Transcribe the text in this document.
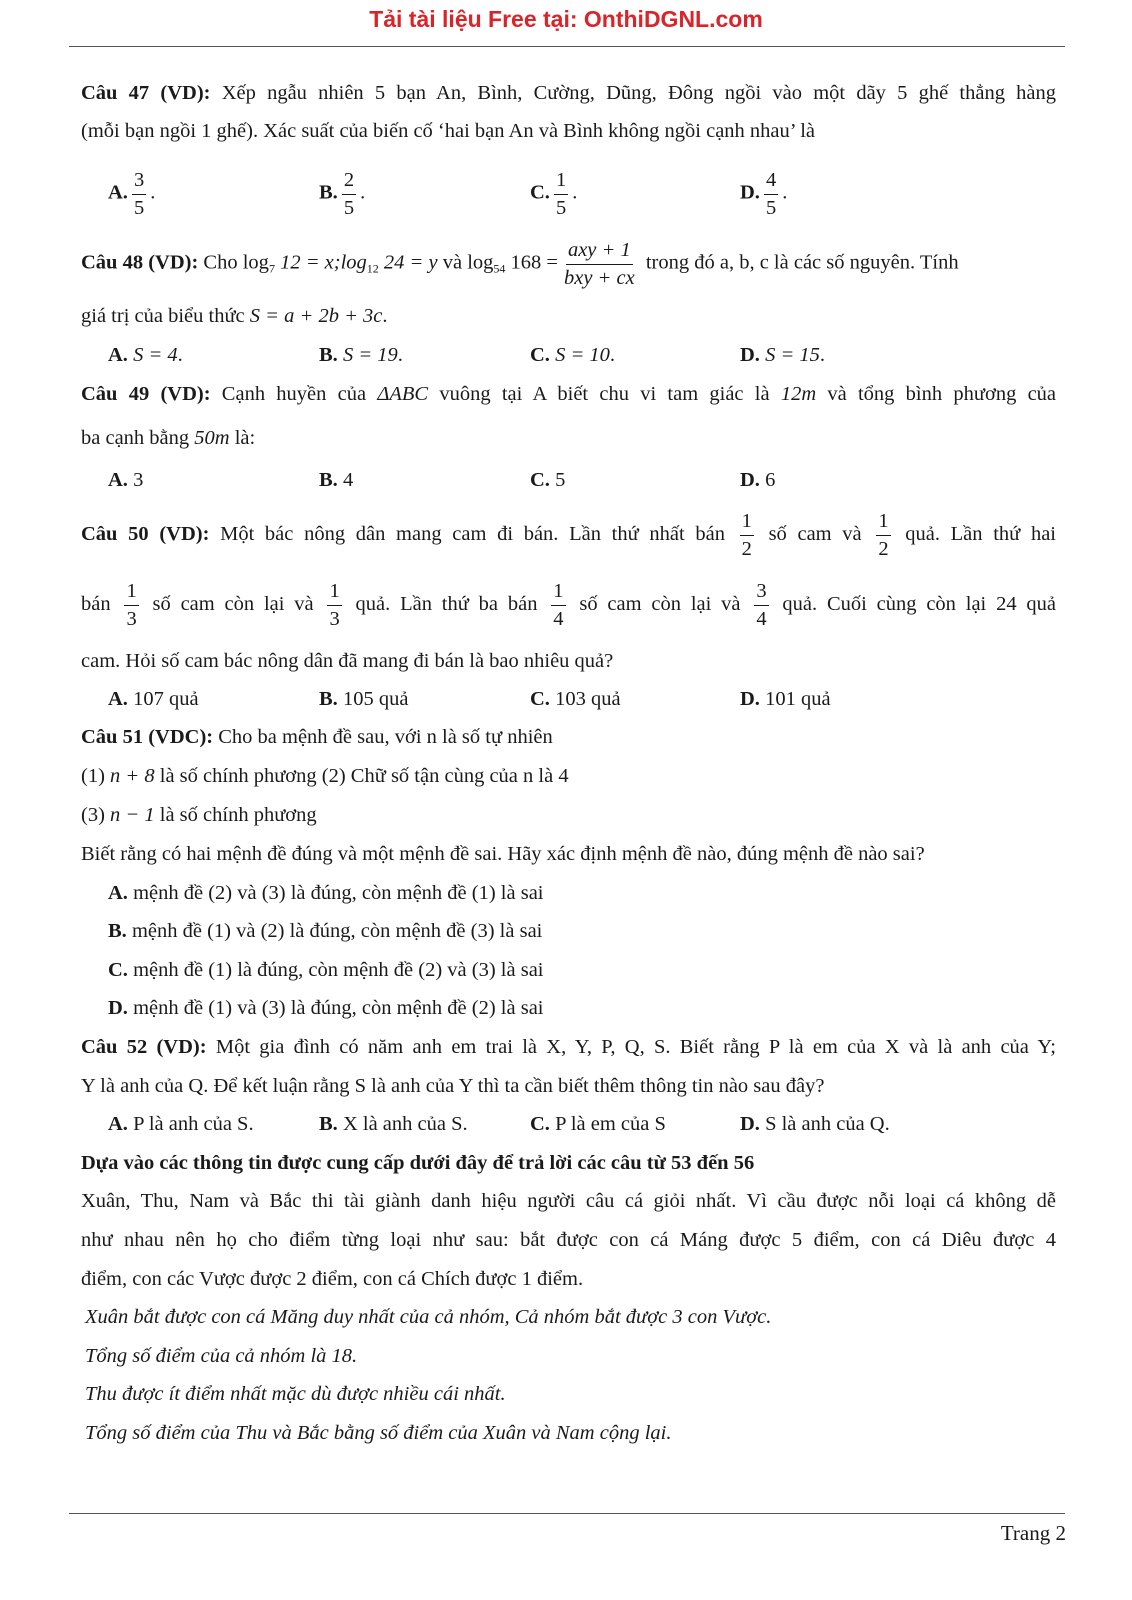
Tải tài liệu Free tại: OnthiDGNL.com
Câu 47 (VD): Xếp ngẫu nhiên 5 bạn An, Bình, Cường, Dũng, Đông ngồi vào một dãy 5 ghế thẳng hàng
(mỗi bạn ngồi 1 ghế). Xác suất của biến cố ‘hai bạn An và Bình không ngồi cạnh nhau’ là
A. $\frac{3}{5}$ .	B. $\frac{2}{5}$ .	C. $\frac{1}{5}$ .	D. $\frac{4}{5}$ .
Câu 48 (VD): Cho $\log_7 12$ = $x;\log_{12}$ 24 = y và $\log_{54} 168 = \frac{\text{axy + 1}}{\text{bxy + cx}}$ trong đó a, b, c là các số nguyên. Tính
giá trị của biểu thức S = a + 2b + 3c.
A. S = 4.	B. S = 19.	C. S = 10.	D. S = 15.
Câu 49 (VD): Cạnh huyền của ΔABC vuông tại A biết chu vi tam giác là 12m và tổng bình phương của
ba cạnh bằng 50m là:
A. 3	B. 4	C. 5	D. 6
Câu 50 (VD): Một bác nông dân mang cam đi bán. Lần thứ nhất bán $\frac{1}{2}$ số cam và $\frac{1}{2}$ quả. Lần thứ hai
bán $\frac{1}{3}$ số cam còn lại và $\frac{1}{3}$ quả. Lần thứ ba bán $\frac{1}{4}$ số cam còn lại và $\frac{3}{4}$ quả. Cuối cùng còn lại 24 quả
cam. Hỏi số cam bác nông dân đã mang đi bán là bao nhiêu quả?
A. 107 quả	B. 105 quả	C. 103 quả	D. 101 quả
Câu 51 (VDC): Cho ba mệnh đề sau, với n là số tự nhiên
(1) n + 8 là số chính phương (2) Chữ số tận cùng của n là 4
(3) n − 1 là số chính phương
Biết rằng có hai mệnh đề đúng và một mệnh đề sai. Hãy xác định mệnh đề nào, đúng mệnh đề nào sai?
A. mệnh đề (2) và (3) là đúng, còn mệnh đề (1) là sai
B. mệnh đề (1) và (2) là đúng, còn mệnh đề (3) là sai
C. mệnh đề (1) là đúng, còn mệnh đề (2) và (3) là sai
D. mệnh đề (1) và (3) là đúng, còn mệnh đề (2) là sai
Câu 52 (VD): Một gia đình có năm anh em trai là X, Y, P, Q, S. Biết rằng P là em của X và là anh của Y;
Y là anh của Q. Để kết luận rằng S là anh của Y thì ta cần biết thêm thông tin nào sau đây?
A. P là anh của S.	B. X là anh của S.	C. P là em của S	D. S là anh của Q.
Dựa vào các thông tin được cung cấp dưới đây để trả lời các câu từ 53 đến 56
Xuân, Thu, Nam và Bắc thi tài giành danh hiệu người câu cá giỏi nhất. Vì cầu được nỗi loại cá không dễ
như nhau nên họ cho điểm từng loại như sau: bắt được con cá Máng được 5 điểm, con cá Diêu được 4
điểm, con các Vược được 2 điểm, con cá Chích được 1 điểm.
Xuân bắt được con cá Măng duy nhất của cả nhóm, Cả nhóm bắt được 3 con Vược.
Tổng số điểm của cả nhóm là 18.
Thu được ít điểm nhất mặc dù được nhiều cái nhất.
Tổng số điểm của Thu và Bắc bằng số điểm của Xuân và Nam cộng lại.
Trang 2
